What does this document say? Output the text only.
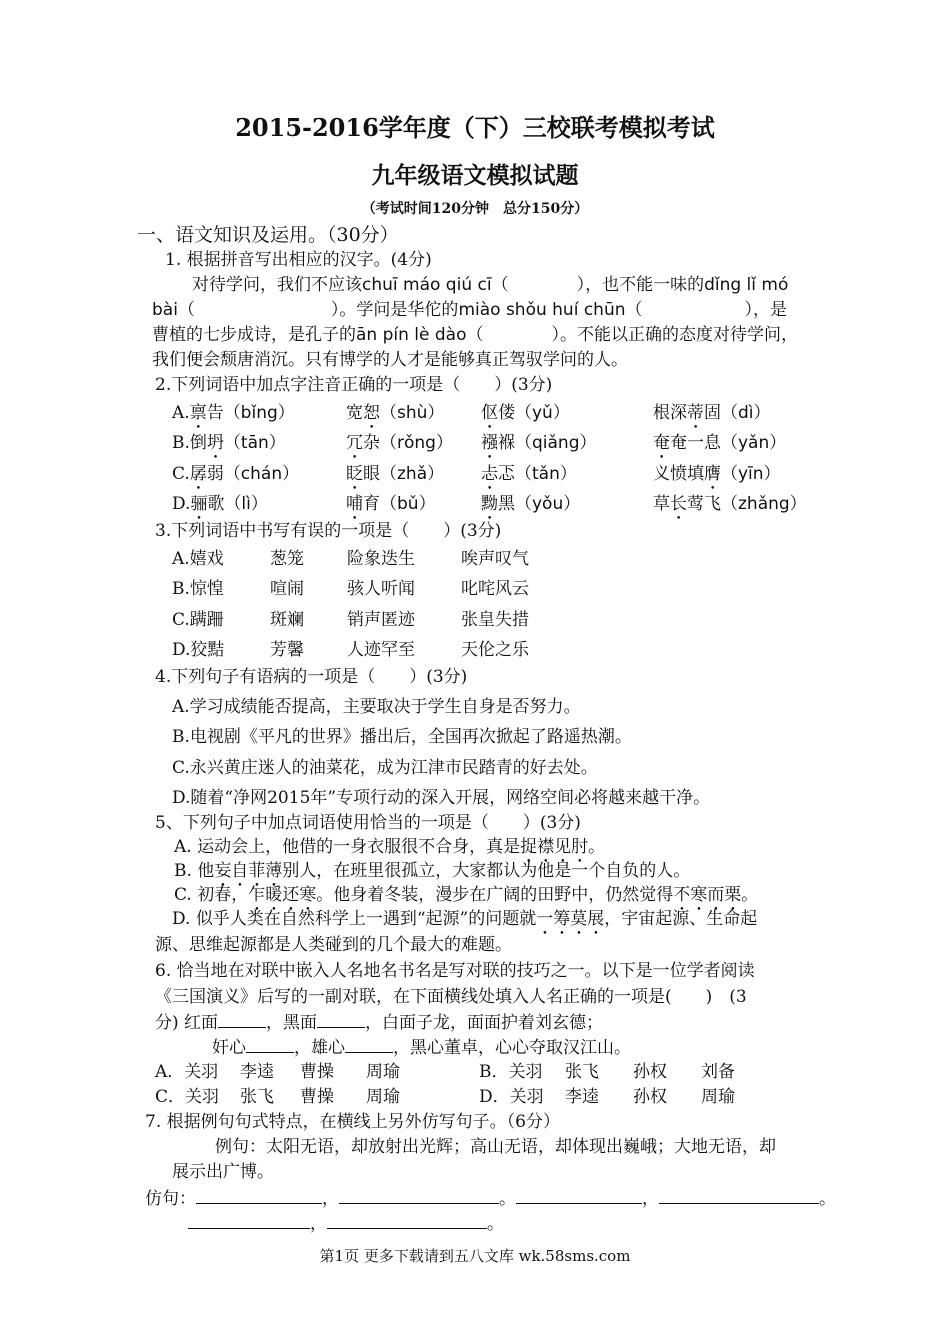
2015-2016学年度（下）三校联考模拟考试
九年级语文模拟试题
（考试时间120分钟　总分150分）
一、语文知识及运用。（30分）
1. 根据拼音写出相应的汉字。(4分)
对待学问，我们不应该chuī máo qiú cī（　　　　），也不能一味的dǐng lǐ mó
bài（　　　　　　　　）。学问是华佗的miào shǒu huí chūn（　　　　　　），是
曹植的七步成诗，是孔子的ān pín lè dào（　　　　）。不能以正确的态度对待学问，
我们便会颓唐消沉。只有博学的人才是能够真正驾驭学问的人。
2.下列词语中加点字注音正确的一项是（　　）(3分)
A.禀告（bǐng）	宽恕（shù） 伛偻（yǔ）	根深蒂固（dì）
B.倒坍（tān）	冗杂（rǒng） 襁褓（qiǎng）	奄奄一息（yǎn）
C.孱弱（chán）	眨眼（zhǎ） 忐忑（tǎn）	义愤填膺（yīn）
D.骊歌（lì）	哺育（bǔ）	黝黑（yǒu）	草长莺飞（zhǎng）
3.下列词语中书写有误的一项是（　　）(3分)
A.嬉戏	葱笼	险象迭生	唉声叹气
B.惊惶	喧闹	骇人听闻	叱咤风云
C.蹒跚	斑斓	销声匿迹	张皇失措
D.狡黠	芳馨	人迹罕至	天伦之乐
4.下列句子有语病的一项是（　　）(3分)
A.学习成绩能否提高，主要取决于学生自身是否努力。
B.电视剧《平凡的世界》播出后，全国再次掀起了路遥热潮。
C.永兴黄庄迷人的油菜花，成为江津市民踏青的好去处。
D.随着“净网2015年”专项行动的深入开展，网络空间必将越来越干净。
5、下列句子中加点词语使用恰当的一项是（　　）(3分)
A. 运动会上，他借的一身衣服很不合身，真是捉襟见肘。
B. 他妄自菲薄别人，在班里很孤立，大家都认为他是一个自负的人。
C. 初春，乍暖还寒。他身着冬装，漫步在广阔的田野中，仍然觉得不寒而栗。
D. 似乎人类在自然科学上一遇到“起源”的问题就一筹莫展，宇宙起源、生命起
源、思维起源都是人类碰到的几个最大的难题。
6. 恰当地在对联中嵌入人名地名书名是写对联的技巧之一。以下是一位学者阅读
《三国演义》后写的一副对联，在下面横线处填入人名正确的一项是(　　)　(3
分) 红面	，黑面	，白面子龙，面面护着刘玄德；
奸心	，雄心	，黑心董卓，心心夺取汉江山。
A．关羽 李逵 曹操 周瑜	B．关羽 张飞 孙权 刘备
C．关羽 张飞 曹操 周瑜	D．关羽 李逵 孙权 周瑜
7. 根据例句句式特点，在横线上另外仿写句子。（6分）
例句：太阳无语，却放射出光辉；高山无语，却体现出巍峨；大地无语，却
展示出广博。
仿句：	，	。	，	。
，	。
第1页 更多下载请到五八文库 wk.58sms.com
